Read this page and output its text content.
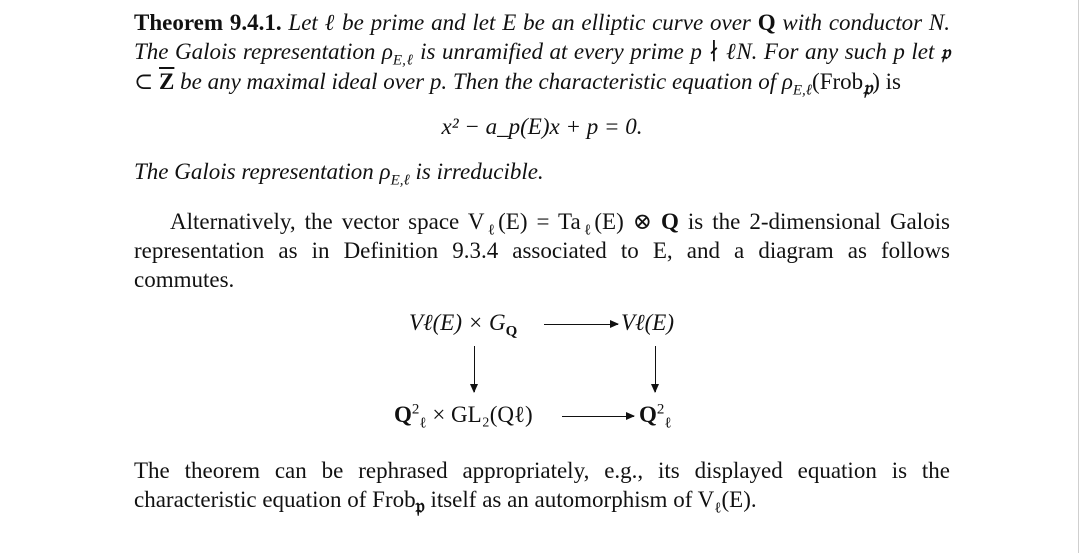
Theorem 9.4.1. Let ℓ be prime and let E be an elliptic curve over Q with conductor N. The Galois representation $\rho_{E,\ell}$ is unramified at every prime p ∤ ℓN. For any such p let 𝔭 ⊂ $\overline{Z}$ be any maximal ideal over p. Then the characteristic equation of $\rho_{E,\ell}(Frob_𝔭)$ is
x² − a_p(E)x + p = 0.
The Galois representation $\rho_{E,\ell}$ is irreducible.
Alternatively, the vector space $V_\ell(E) = Ta_\ell(E)$ ⊗ Q is the 2-dimensional Galois representation as in Definition 9.3.4 associated to E, and a diagram as follows commutes.
Vℓ(E) × $G_Q$	Vℓ(E)
$Q^2_\ell$ × GL₂(Qℓ)	$Q^2_\ell$
The theorem can be rephrased appropriately, e.g., its displayed equation is the characteristic equation of Frob$_𝔭$ itself as an automorphism of $V_\ell(E)$.
